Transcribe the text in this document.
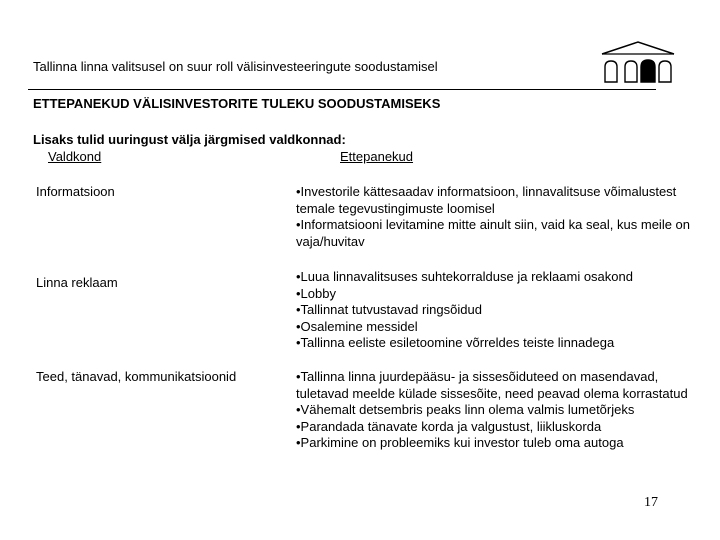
Tallinna linna valitsusel on suur roll välisinvesteeringute soodustamisel
ETTEPANEKUD VÄLISINVESTORITE TULEKU SOODUSTAMISEKS
Lisaks tulid uuringust välja järgmised valdkonnad:
Valdkond	Ettepanekud
Informatsioon	•Investorile kättesaadav informatsioon, linnavalitsuse võimalustest temale tegevustingimuste loomisel
•Informatsiooni levitamine mitte ainult siin, vaid ka seal, kus meile on vaja/huvitav
Linna reklaam	•Luua linnavalitsuses suhtekorralduse ja reklaami osakond
•Lobby
•Tallinnat tutvustavad ringsõidud
•Osalemine messidel
•Tallinna eeliste esiletoomine võrreldes teiste linnadega
Teed, tänavad, kommunikatsioonid	•Tallinna linna juurdepääsu- ja sissesõiduteed on masendavad, tuletavad meelde külade sissesõite, need peavad olema korrastatud
•Vähemalt detsembris peaks linn olema valmis lumetõrjeks
•Parandada tänavate korda ja valgustust, liikluskorda
•Parkimine on probleemiks kui investor tuleb oma autoga
17
